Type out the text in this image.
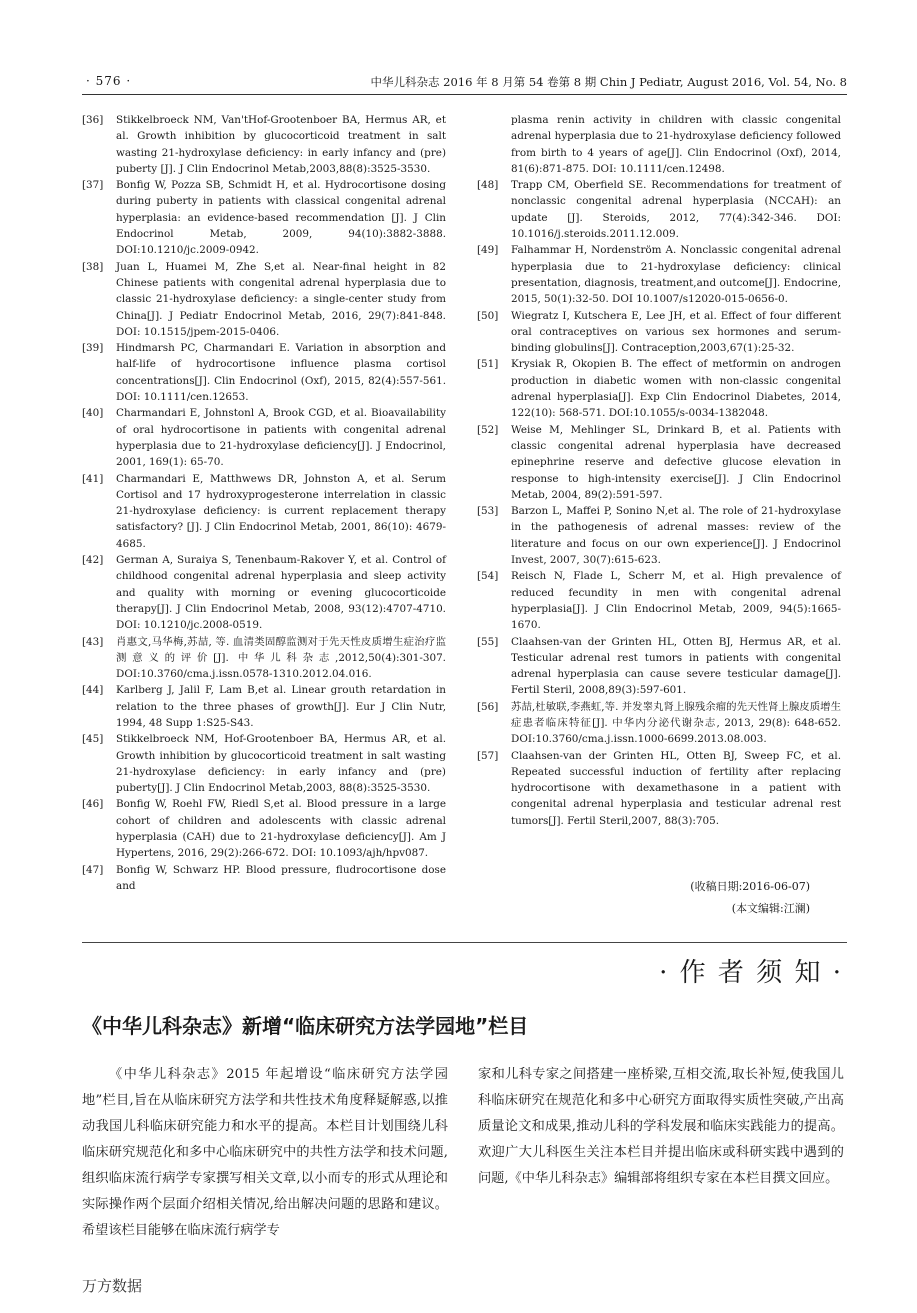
· 576 ·	中华儿科杂志 2016 年 8 月第 54 卷第 8 期 Chin J Pediatr, August 2016, Vol. 54, No. 8
[36]	Stikkelbroeck NM, Van'tHof-Grootenboer BA, Hermus AR, et al. Growth inhibition by glucocorticoid treatment in salt wasting 21-hydroxylase deficiency: in early infancy and (pre) puberty [J]. J Clin Endocrinol Metab,2003,88(8):3525-3530.
[37]	Bonfig W, Pozza SB, Schmidt H, et al. Hydrocortisone dosing during puberty in patients with classical congenital adrenal hyperplasia: an evidence-based recommendation [J]. J Clin Endocrinol Metab, 2009, 94(10):3882-3888. DOI:10.1210/jc.2009-0942.
[38]	Juan L, Huamei M, Zhe S,et al. Near-final height in 82 Chinese patients with congenital adrenal hyperplasia due to classic 21-hydroxylase deficiency: a single-center study from China[J]. J Pediatr Endocrinol Metab, 2016, 29(7):841-848. DOI: 10.1515/jpem-2015-0406.
[39]	Hindmarsh PC, Charmandari E. Variation in absorption and half-life of hydrocortisone influence plasma cortisol concentrations[J]. Clin Endocrinol (Oxf), 2015, 82(4):557-561. DOI: 10.1111/cen.12653.
[40]	Charmandari E, Johnstonl A, Brook CGD, et al. Bioavailability of oral hydrocortisone in patients with congenital adrenal hyperplasia due to 21-hydroxylase deficiency[J]. J Endocrinol, 2001, 169(1): 65-70.
[41]	Charmandari E, Matthwews DR, Johnston A, et al. Serum Cortisol and 17 hydroxyprogesterone interrelation in classic 21-hydroxylase deficiency: is current replacement therapy satisfactory? [J]. J Clin Endocrinol Metab, 2001, 86(10): 4679-4685.
[42]	German A, Suraiya S, Tenenbaum-Rakover Y, et al. Control of childhood congenital adrenal hyperplasia and sleep activity and quality with morning or evening glucocorticoide therapy[J]. J Clin Endocrinol Metab, 2008, 93(12):4707-4710. DOI: 10.1210/jc.2008-0519.
[43]	肖惠文,马华梅,苏喆, 等. 血清类固醇监测对于先天性皮质增生症治疗监测意义的评价[J]. 中华儿科杂志,2012,50(4):301-307. DOI:10.3760/cma.j.issn.0578-1310.2012.04.016.
[44]	Karlberg J, Jalil F, Lam B,et al. Linear grouth retardation in relation to the three phases of growth[J]. Eur J Clin Nutr, 1994, 48 Supp 1:S25-S43.
[45]	Stikkelbroeck NM, Hof-Grootenboer BA, Hermus AR, et al. Growth inhibition by glucocorticoid treatment in salt wasting 21-hydroxylase deficiency: in early infancy and (pre) puberty[J]. J Clin Endocrinol Metab,2003, 88(8):3525-3530.
[46]	Bonfig W, Roehl FW, Riedl S,et al. Blood pressure in a large cohort of children and adolescents with classic adrenal hyperplasia (CAH) due to 21-hydroxylase deficiency[J]. Am J Hypertens, 2016, 29(2):266-672. DOI: 10.1093/ajh/hpv087.
[47]	Bonfig W, Schwarz HP. Blood pressure, fludrocortisone dose and
plasma renin activity in children with classic congenital adrenal hyperplasia due to 21-hydroxylase deficiency followed from birth to 4 years of age[J]. Clin Endocrinol (Oxf), 2014, 81(6):871-875. DOI: 10.1111/cen.12498.
[48]	Trapp CM, Oberfield SE. Recommendations for treatment of nonclassic congenital adrenal hyperplasia (NCCAH): an update [J]. Steroids, 2012, 77(4):342-346. DOI: 10.1016/j.steroids.2011.12.009.
[49]	Falhammar H, Nordenström A. Nonclassic congenital adrenal hyperplasia due to 21-hydroxylase deficiency: clinical presentation, diagnosis, treatment,and outcome[J]. Endocrine, 2015, 50(1):32-50. DOI 10.1007/s12020-015-0656-0.
[50]	Wiegratz I, Kutschera E, Lee JH, et al. Effect of four different oral contraceptives on various sex hormones and serum-binding globulins[J]. Contraception,2003,67(1):25-32.
[51]	Krysiak R, Okopien B. The effect of metformin on androgen production in diabetic women with non-classic congenital adrenal hyperplasia[J]. Exp Clin Endocrinol Diabetes, 2014, 122(10): 568-571. DOI:10.1055/s-0034-1382048.
[52]	Weise M, Mehlinger SL, Drinkard B, et al. Patients with classic congenital adrenal hyperplasia have decreased epinephrine reserve and defective glucose elevation in response to high-intensity exercise[J]. J Clin Endocrinol Metab, 2004, 89(2):591-597.
[53]	Barzon L, Maffei P, Sonino N,et al. The role of 21-hydroxylase in the pathogenesis of adrenal masses: review of the literature and focus on our own experience[J]. J Endocrinol Invest, 2007, 30(7):615-623.
[54]	Reisch N, Flade L, Scherr M, et al. High prevalence of reduced fecundity in men with congenital adrenal hyperplasia[J]. J Clin Endocrinol Metab, 2009, 94(5):1665-1670.
[55]	Claahsen-van der Grinten HL, Otten BJ, Hermus AR, et al. Testicular adrenal rest tumors in patients with congenital adrenal hyperplasia can cause severe testicular damage[J]. Fertil Steril, 2008,89(3):597-601.
[56]	苏喆,杜敏联,李燕虹,等. 并发睾丸肾上腺残余瘤的先天性肾上腺皮质增生症患者临床特征[J]. 中华内分泌代谢杂志, 2013, 29(8): 648-652. DOI:10.3760/cma.j.issn.1000-6699.2013.08.003.
[57]	Claahsen-van der Grinten HL, Otten BJ, Sweep FC, et al. Repeated successful induction of fertility after replacing hydrocortisone with dexamethasone in a patient with congenital adrenal hyperplasia and testicular adrenal rest tumors[J]. Fertil Steril,2007, 88(3):705.
(收稿日期:2016-06-07)
(本文编辑:江澜)
· 作 者 须 知 ·
《中华儿科杂志》新增“临床研究方法学园地”栏目
《中华儿科杂志》2015 年起增设“临床研究方法学园地”栏目,旨在从临床研究方法学和共性技术角度释疑解惑,以推动我国儿科临床研究能力和水平的提高。本栏目计划围绕儿科临床研究规范化和多中心临床研究中的共性方法学和技术问题,组织临床流行病学专家撰写相关文章,以小而专的形式从理论和实际操作两个层面介绍相关情况,给出解决问题的思路和建议。希望该栏目能够在临床流行病学专
家和儿科专家之间搭建一座桥梁,互相交流,取长补短,使我国儿科临床研究在规范化和多中心研究方面取得实质性突破,产出高质量论文和成果,推动儿科的学科发展和临床实践能力的提高。欢迎广大儿科医生关注本栏目并提出临床或科研实践中遇到的问题,《中华儿科杂志》编辑部将组织专家在本栏目撰文回应。
万方数据
